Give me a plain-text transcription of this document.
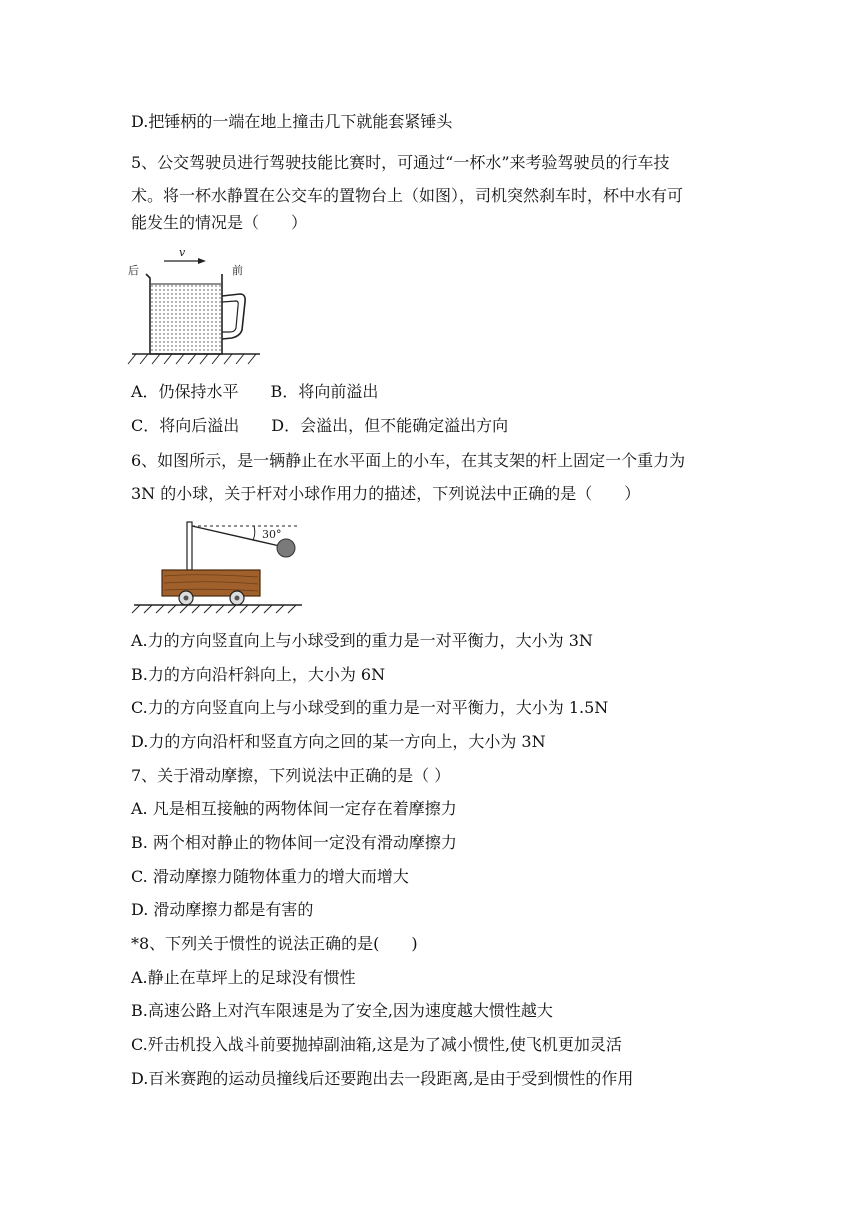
D.把锤柄的一端在地上撞击几下就能套紧锤头
5、公交驾驶员进行驾驶技能比赛时，可通过“一杯水”来考验驾驶员的行车技
术。将一杯水静置在公交车的置物台上（如图），司机突然刹车时，杯中水有可
能发生的情况是（　　）
v
后	前
A．仍保持水平　　B．将向前溢出
C．将向后溢出　　D．会溢出，但不能确定溢出方向
6、如图所示，是一辆静止在水平面上的小车，在其支架的杆上固定一个重力为
3N 的小球，关于杆对小球作用力的描述，下列说法中正确的是（　　）
30°
A.力的方向竖直向上与小球受到的重力是一对平衡力，大小为 3N
B.力的方向沿杆斜向上，大小为 6N
C.力的方向竖直向上与小球受到的重力是一对平衡力，大小为 1.5N
D.力的方向沿杆和竖直方向之回的某一方向上，大小为 3N
7、关于滑动摩擦，下列说法中正确的是（ ）
A. 凡是相互接触的两物体间一定存在着摩擦力
B. 两个相对静止的物体间一定没有滑动摩擦力
C. 滑动摩擦力随物体重力的增大而增大
D. 滑动摩擦力都是有害的
*8、下列关于惯性的说法正确的是(　　)
A.静止在草坪上的足球没有惯性
B.高速公路上对汽车限速是为了安全,因为速度越大惯性越大
C.歼击机投入战斗前要抛掉副油箱,这是为了减小惯性,使飞机更加灵活
D.百米赛跑的运动员撞线后还要跑出去一段距离,是由于受到惯性的作用
